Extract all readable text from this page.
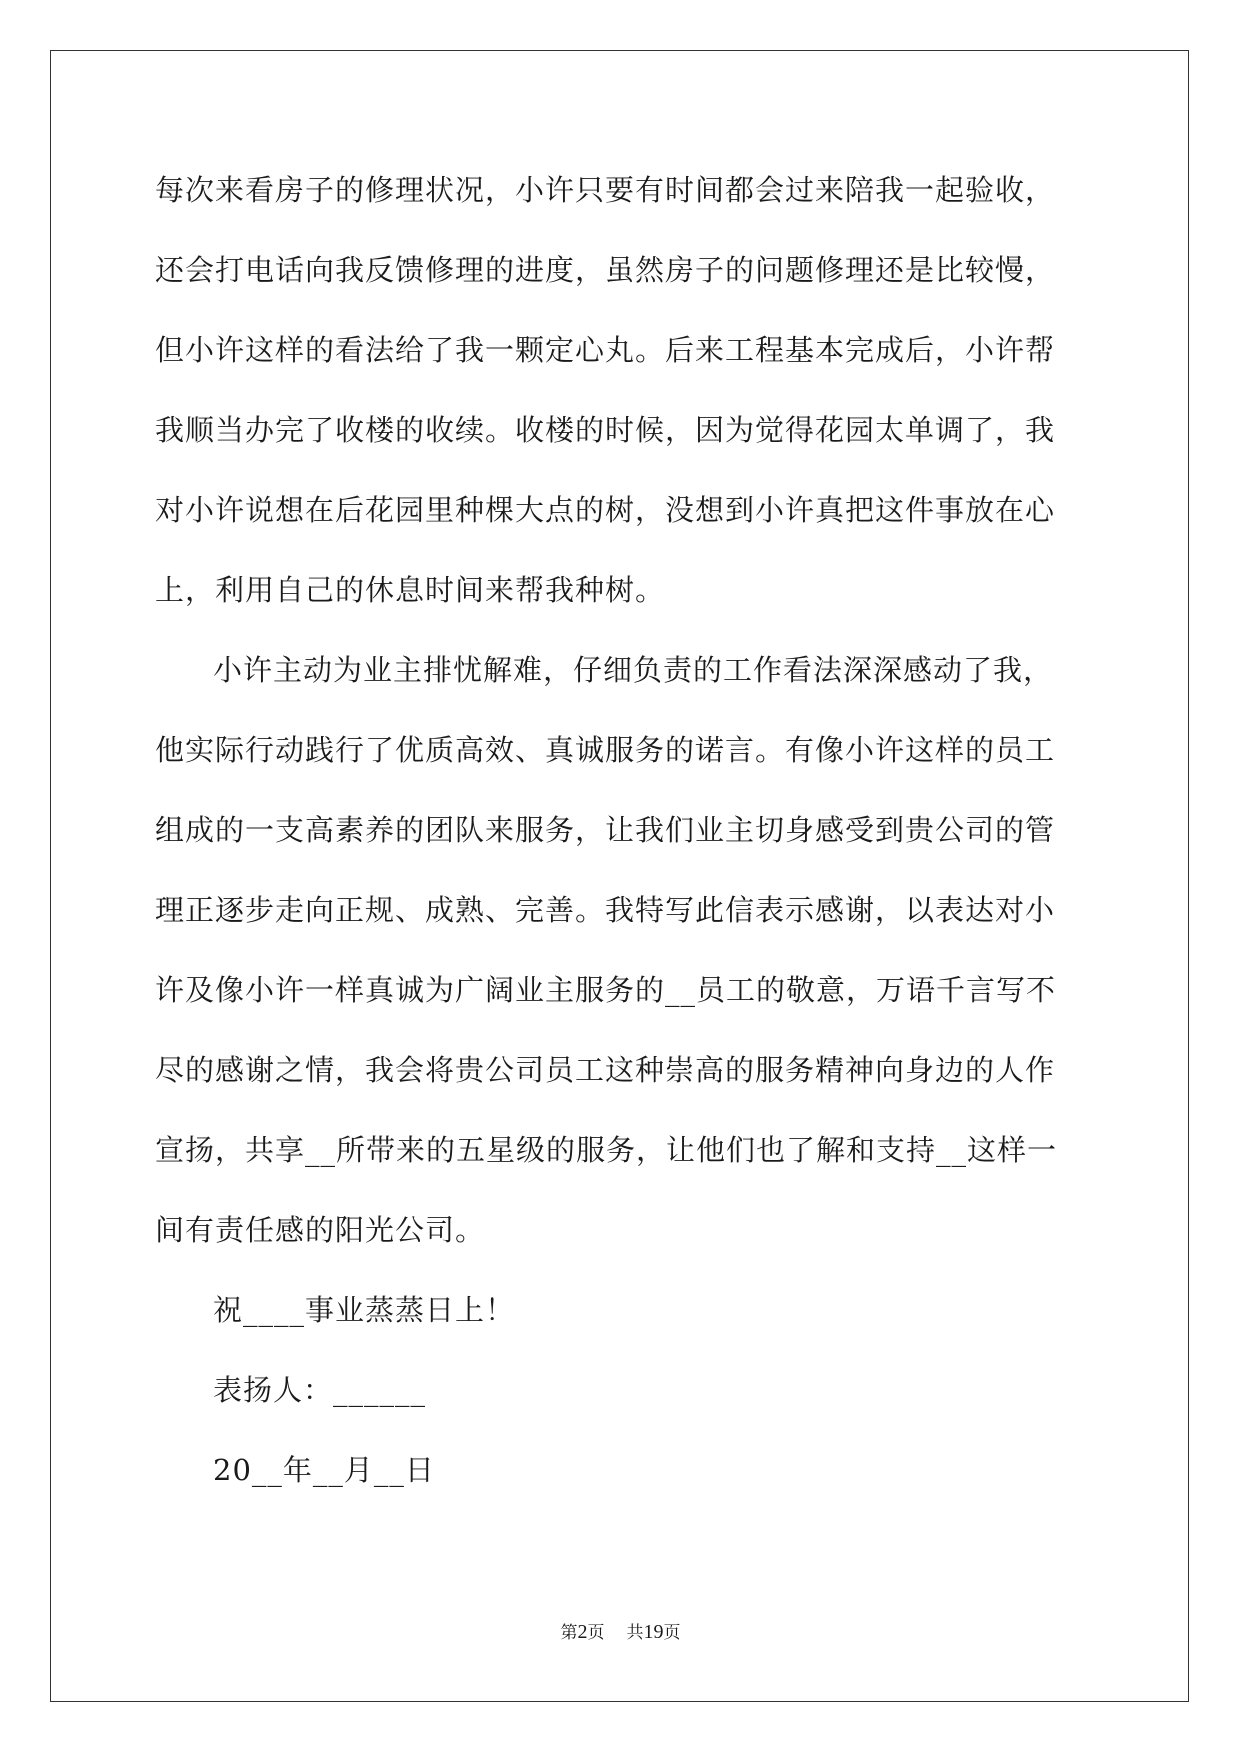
每次来看房子的修理状况，小许只要有时间都会过来陪我一起验收，
还会打电话向我反馈修理的进度，虽然房子的问题修理还是比较慢，
但小许这样的看法给了我一颗定心丸。后来工程基本完成后，小许帮
我顺当办完了收楼的收续。收楼的时候，因为觉得花园太单调了，我
对小许说想在后花园里种棵大点的树，没想到小许真把这件事放在心
上，利用自己的休息时间来帮我种树。
小许主动为业主排忧解难，仔细负责的工作看法深深感动了我，
他实际行动践行了优质高效、真诚服务的诺言。有像小许这样的员工
组成的一支高素养的团队来服务，让我们业主切身感受到贵公司的管
理正逐步走向正规、成熟、完善。我特写此信表示感谢，以表达对小
许及像小许一样真诚为广阔业主服务的__员工的敬意，万语千言写不
尽的感谢之情，我会将贵公司员工这种崇高的服务精神向身边的人作
宣扬，共享__所带来的五星级的服务，让他们也了解和支持__这样一
间有责任感的阳光公司。
祝____事业蒸蒸日上！
表扬人：______
20__年__月__日
第2页 共19页
